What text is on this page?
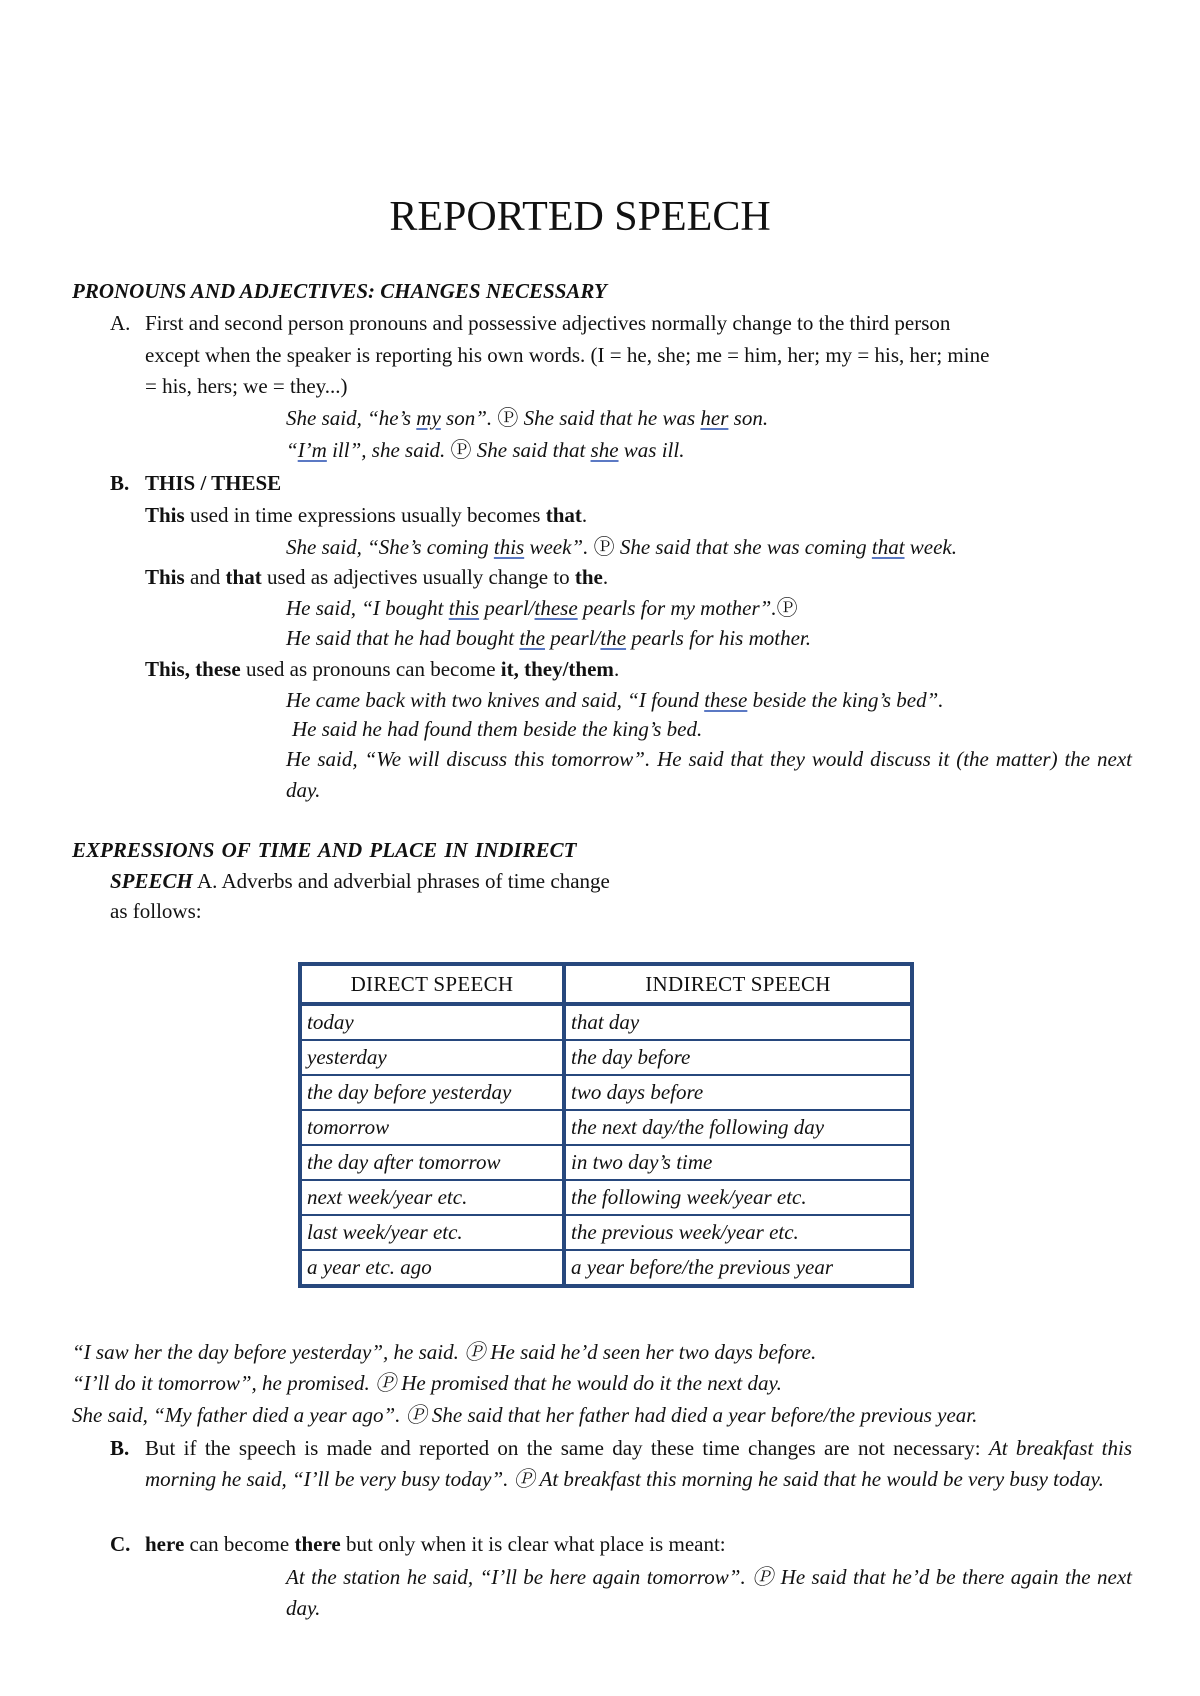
REPORTED SPEECH
PRONOUNS AND ADJECTIVES: CHANGES NECESSARY
A. First and second person pronouns and possessive adjectives normally change to the third person
except when the speaker is reporting his own words. (I = he, she; me = him, her; my = his, her; mine
= his, hers; we = they...)
She said, “he’s my son”. Ⓟ She said that he was her son.
“I’m ill”, she said. Ⓟ She said that she was ill.
B. THIS / THESE
This used in time expressions usually becomes that.
She said, “She’s coming this week”. Ⓟ She said that she was coming that week.
This and that used as adjectives usually change to the.
He said, “I bought this pearl/these pearls for my mother”.Ⓟ
He said that he had bought the pearl/the pearls for his mother.
This, these used as pronouns can become it, they/them.
He came back with two knives and said, “I found these beside the king’s bed”.
He said he had found them beside the king’s bed.
He said, “We will discuss this tomorrow”. He said that they would discuss it (the matter) the next day.
EXPRESSIONS OF TIME AND PLACE IN INDIRECT
SPEECH A. Adverbs and adverbial phrases of time change
as follows:
DIRECT SPEECH	INDIRECT SPEECH
today	that day
yesterday	the day before
the day before yesterday	two days before
tomorrow	the next day/the following day
the day after tomorrow	in two day’s time
next week/year etc.	the following week/year etc.
last week/year etc.	the previous week/year etc.
a year etc. ago	a year before/the previous year
“I saw her the day before yesterday”, he said. Ⓟ He said he’d seen her two days before.
“I’ll do it tomorrow”, he promised. Ⓟ He promised that he would do it the next day.
She said, “My father died a year ago”. Ⓟ She said that her father had died a year before/the previous year.
B. But if the speech is made and reported on the same day these time changes are not necessary: At breakfast this morning he said, “I’ll be very busy today”. Ⓟ At breakfast this morning he said that he would be very busy today.
C. here can become there but only when it is clear what place is meant:
At the station he said, “I’ll be here again tomorrow”. Ⓟ He said that he’d be there again the next day.
